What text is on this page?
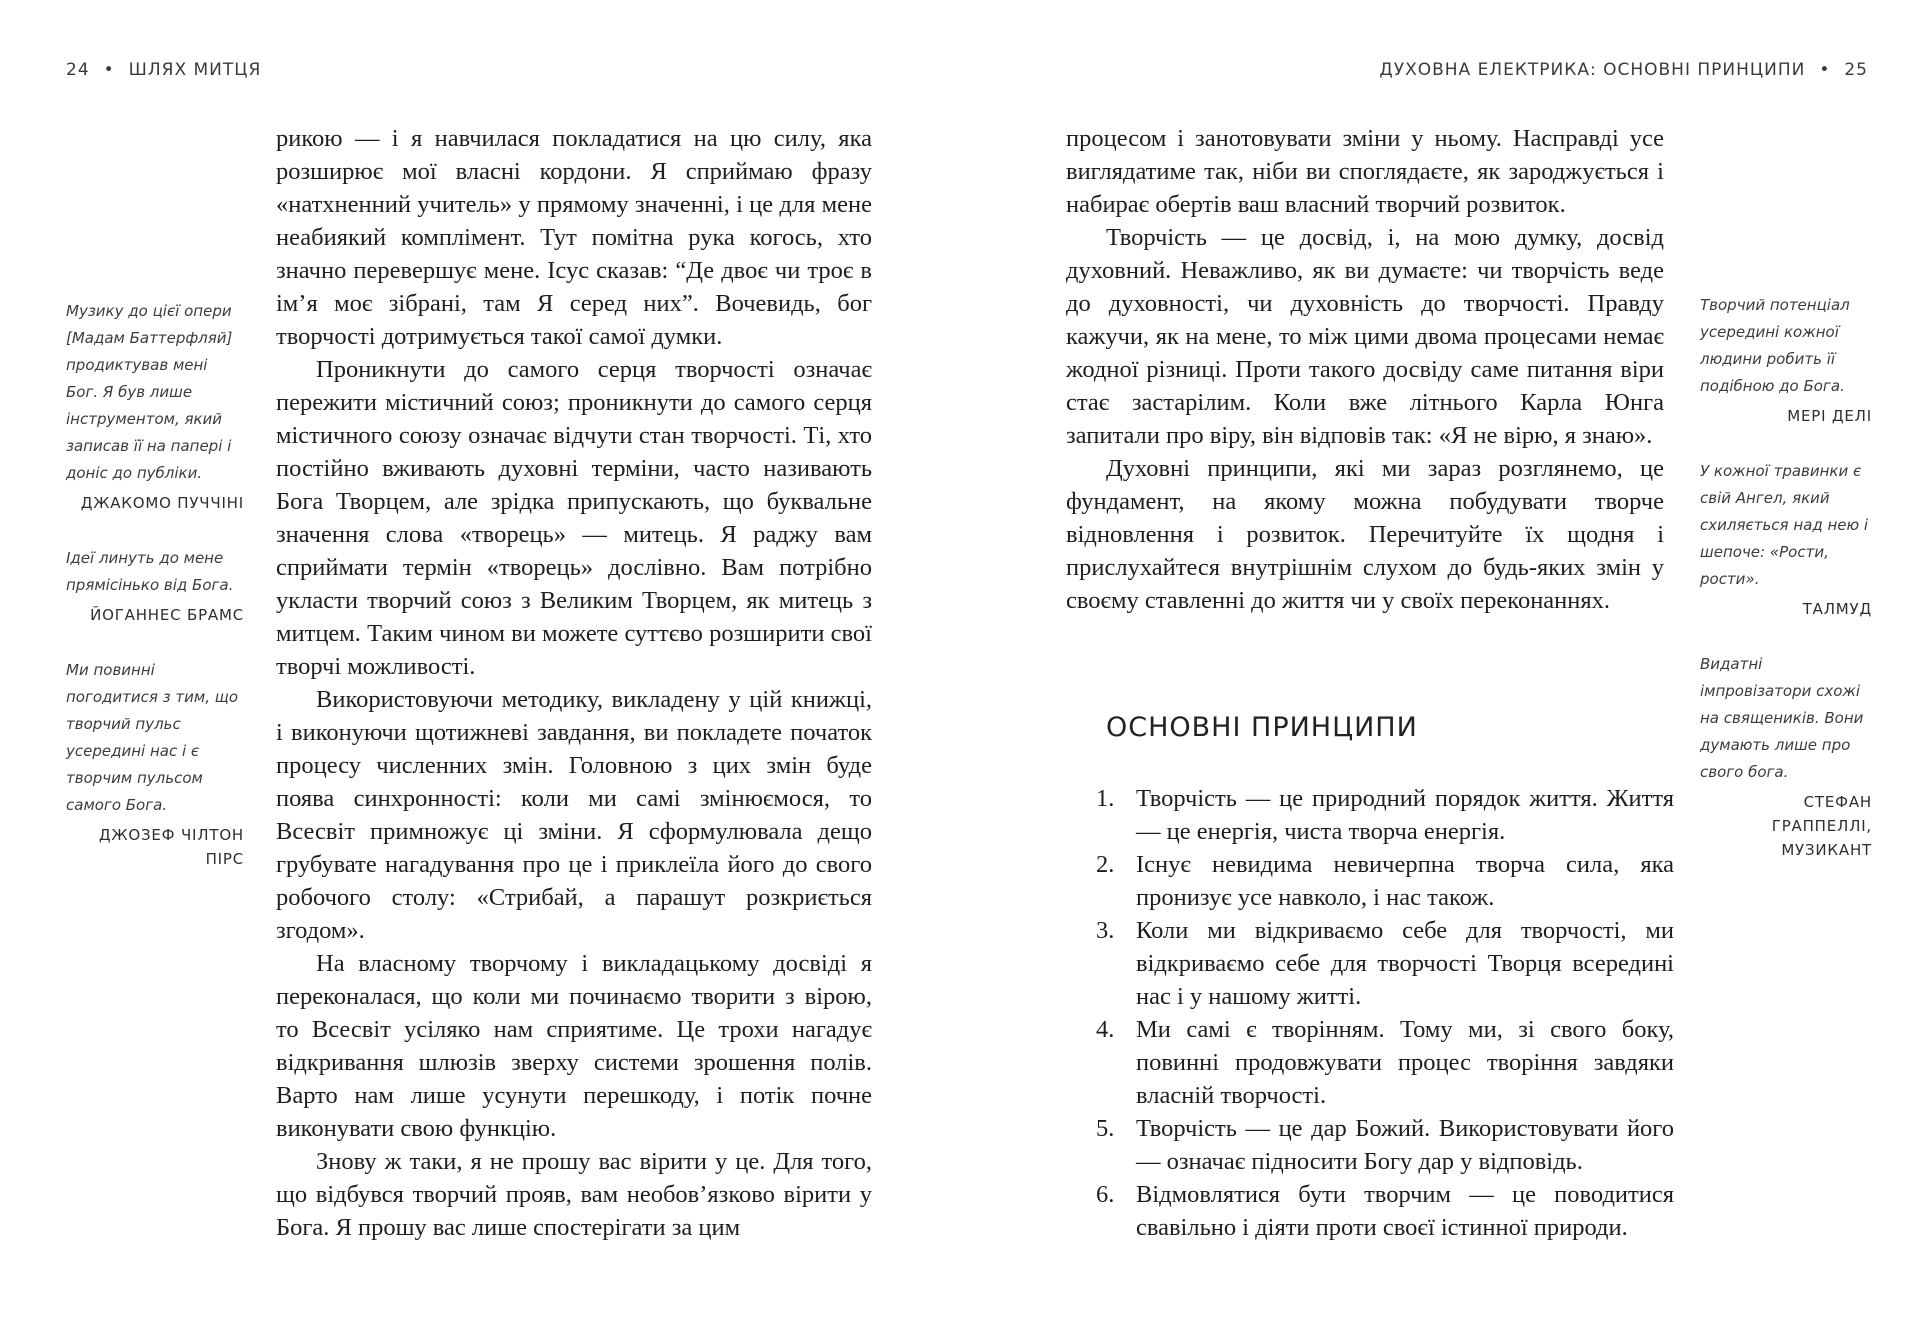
24 • ШЛЯХ МИТЦЯ

рикою — і я навчилася покладатися на цю силу, яка розширює мої власні кордони. Я сприймаю фразу «натхненний учитель» у прямому значенні, і це для мене неабиякий комплімент. Тут помітна рука когось, хто значно перевершує мене. Ісус сказав: “Де двоє чи троє в ім’я моє зібрані, там Я серед них”. Вочевидь, бог творчості дотримується такої самої думки.

Проникнути до самого серця творчості означає пережити містичний союз; проникнути до самого серця містичного союзу означає відчути стан творчості. Ті, хто постійно вживають духовні терміни, часто називають Бога Творцем, але зрідка припускають, що буквальне значення слова «творець» — митець. Я раджу вам сприймати термін «творець» дослівно. Вам потрібно укласти творчий союз з Великим Творцем, як митець з митцем. Таким чином ви можете суттєво розширити свої творчі можливості.

Використовуючи методику, викладену у цій книжці, і виконуючи щотижневі завдання, ви покладете початок процесу численних змін. Головною з цих змін буде поява синхронності: коли ми самі змінюємося, то Всесвіт примножує ці зміни. Я сформулювала дещо грубувате нагадування про це і приклеїла його до свого робочого столу: «Стрибай, а парашут розкриється згодом».

На власному творчому і викладацькому досвіді я переконалася, що коли ми починаємо творити з вірою, то Всесвіт усіляко нам сприятиме. Це трохи нагадує відкривання шлюзів зверху системи зрошення полів. Варто нам лише усунути перешкоду, і потік почне виконувати свою функцію.

Знову ж таки, я не прошу вас вірити у це. Для того, що відбувся творчий прояв, вам необов’язково вірити у Бога. Я прошу вас лише спостерігати за цим

Музику до цієї опери [Мадам Баттерфляй] продиктував мені Бог. Я був лише інструментом, який записав її на папері і доніс до публіки.

ДЖАКОМО ПУЧЧІНІ

Ідеї линуть до мене прямісінько від Бога.

ЙОГАННЕС БРАМС

Ми повинні погодитися з тим, що творчий пульс усередині нас і є творчим пульсом самого Бога.

ДЖОЗЕФ ЧІЛТОН ПІРС
ДУХОВНА ЕЛЕКТРИКА: ОСНОВНІ ПРИНЦИПИ • 25

процесом і занотовувати зміни у ньому. Насправді усе виглядатиме так, ніби ви споглядаєте, як зароджується і набирає обертів ваш власний творчий розвиток.

Творчість — це досвід, і, на мою думку, досвід духовний. Неважливо, як ви думаєте: чи творчість веде до духовності, чи духовність до творчості. Правду кажучи, як на мене, то між цими двома процесами немає жодної різниці. Проти такого досвіду саме питання віри стає застарілим. Коли вже літнього Карла Юнга запитали про віру, він відповів так: «Я не вірю, я знаю».

Духовні принципи, які ми зараз розглянемо, це фундамент, на якому можна побудувати творче відновлення і розвиток. Перечитуйте їх щодня і прислухайтеся внутрішнім слухом до будь-яких змін у своєму ставленні до життя чи у своїх переконаннях.

ОСНОВНІ ПРИНЦИПИ
1. Творчість — це природний порядок життя. Життя — це енергія, чиста творча енергія.
2. Існує невидима невичерпна творча сила, яка пронизує усе навколо, і нас також.
3. Коли ми відкриваємо себе для творчості, ми відкриваємо себе для творчості Творця всередині нас і у нашому житті.
4. Ми самі є творінням. Тому ми, зі свого боку, повинні продовжувати процес творіння завдяки власній творчості.
5. Творчість — це дар Божий. Використовувати його — означає підносити Богу дар у відповідь.
6. Відмовлятися бути творчим — це поводитися свавільно і діяти проти своєї істинної природи.

Творчий потенціал усередині кожної людини робить її подібною до Бога.

МЕРІ ДЕЛІ

У кожної травинки є свій Ангел, який схиляється над нею і шепоче: «Рости, рости».

ТАЛМУД

Видатні імпровізатори схожі на священиків. Вони думають лише про свого бога.

СТЕФАН ГРАППЕЛЛІ, МУЗИКАНТ
